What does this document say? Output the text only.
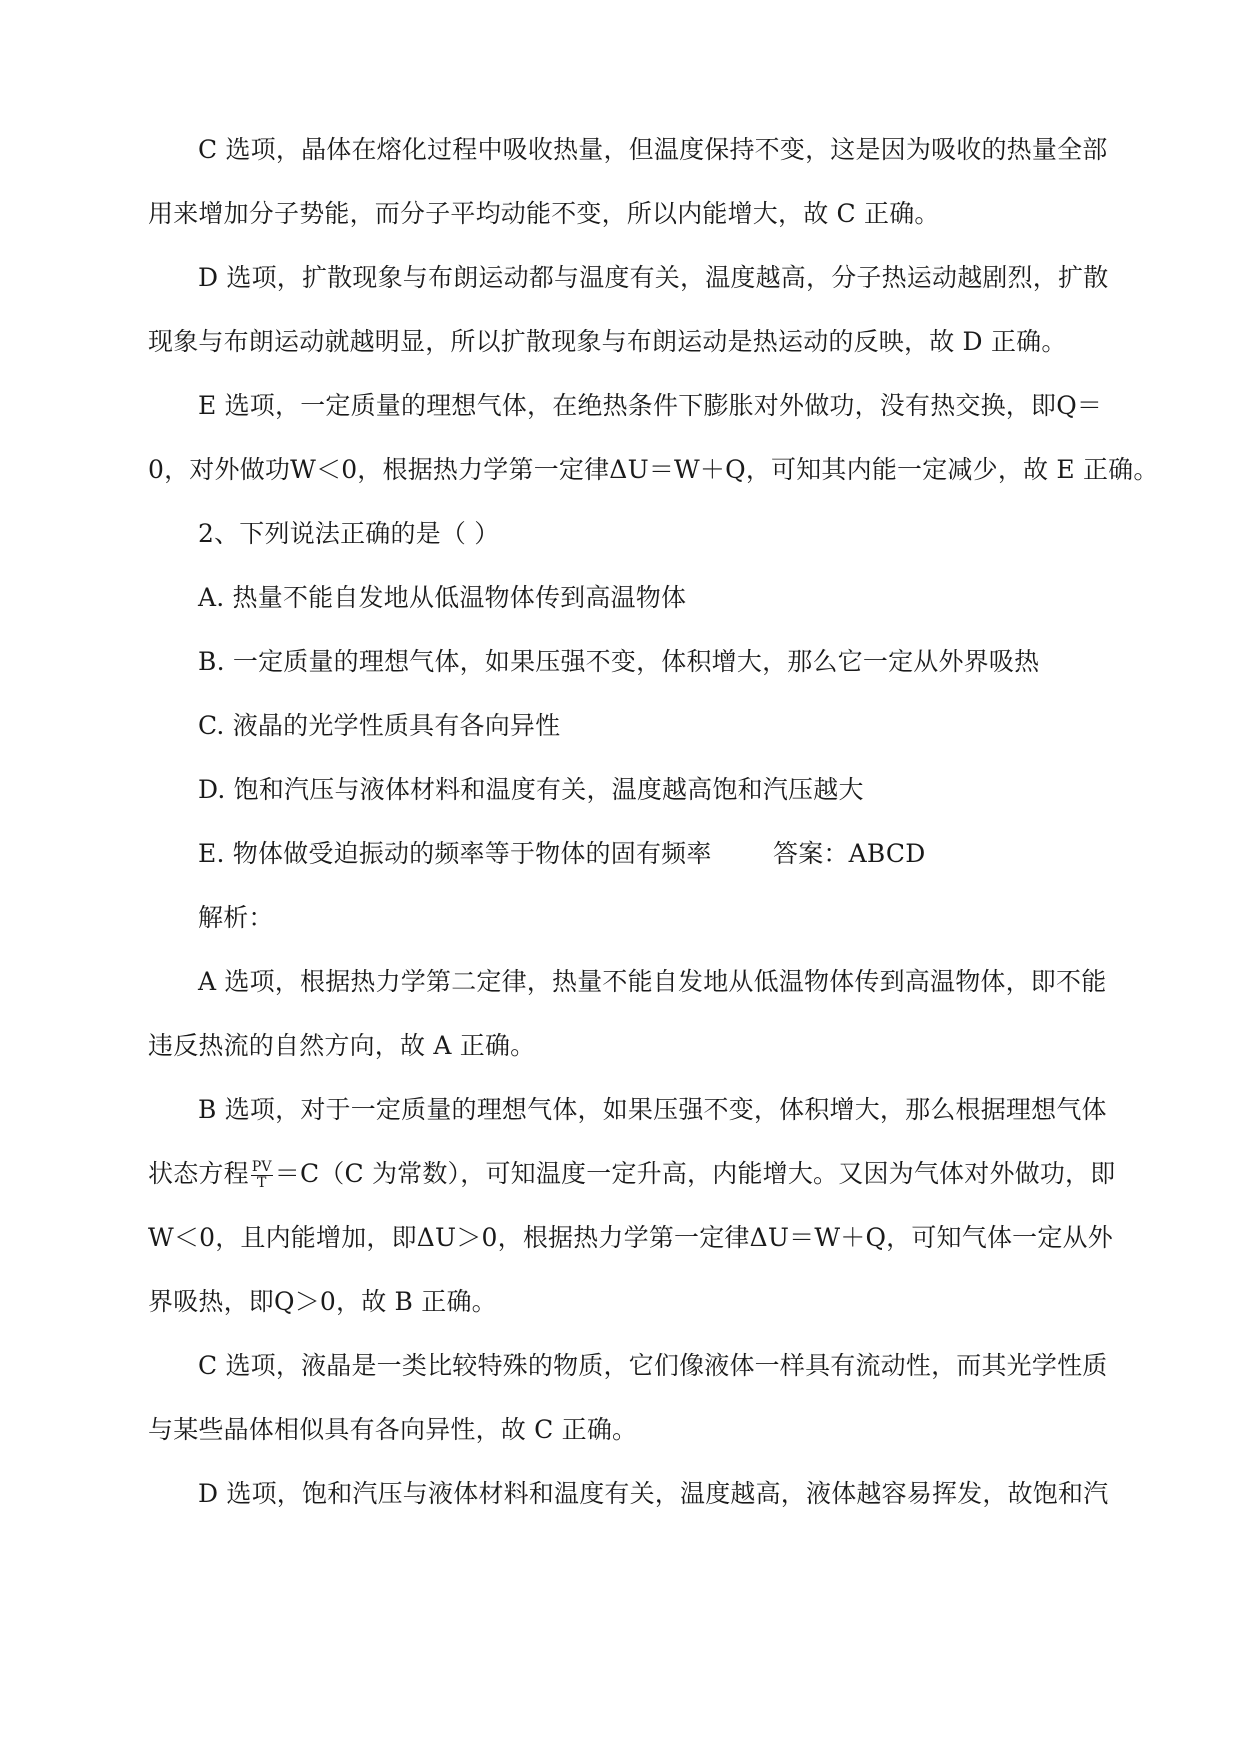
C 选项，晶体在熔化过程中吸收热量，但温度保持不变，这是因为吸收的热量全部
用来增加分子势能，而分子平均动能不变，所以内能增大，故 C 正确。
D 选项，扩散现象与布朗运动都与温度有关，温度越高，分子热运动越剧烈，扩散
现象与布朗运动就越明显，所以扩散现象与布朗运动是热运动的反映，故 D 正确。
E 选项，一定质量的理想气体，在绝热条件下膨胀对外做功，没有热交换，即Q＝
0，对外做功W＜0，根据热力学第一定律ΔU＝W＋Q，可知其内能一定减少，故 E 正确。
2、下列说法正确的是（ ）
A. 热量不能自发地从低温物体传到高温物体
B. 一定质量的理想气体，如果压强不变，体积增大，那么它一定从外界吸热
C. 液晶的光学性质具有各向异性
D. 饱和汽压与液体材料和温度有关，温度越高饱和汽压越大
E. 物体做受迫振动的频率等于物体的固有频率 答案：ABCD
解析：
A 选项，根据热力学第二定律，热量不能自发地从低温物体传到高温物体，即不能
违反热流的自然方向，故 A 正确。
B 选项，对于一定质量的理想气体，如果压强不变，体积增大，那么根据理想气体
状态方程 $\frac{PV}{T} =C(C$ 为常数），可知温度一定升高，内能增大。又因为气体对外做功，即
W＜0，且内能增加，即ΔU＞0，根据热力学第一定律ΔU＝W＋Q，可知气体一定从外
界吸热，即Q＞0，故 B 正确。
C 选项，液晶是一类比较特殊的物质，它们像液体一样具有流动性，而其光学性质
与某些晶体相似具有各向异性，故 C 正确。
D 选项，饱和汽压与液体材料和温度有关，温度越高，液体越容易挥发，故饱和汽
